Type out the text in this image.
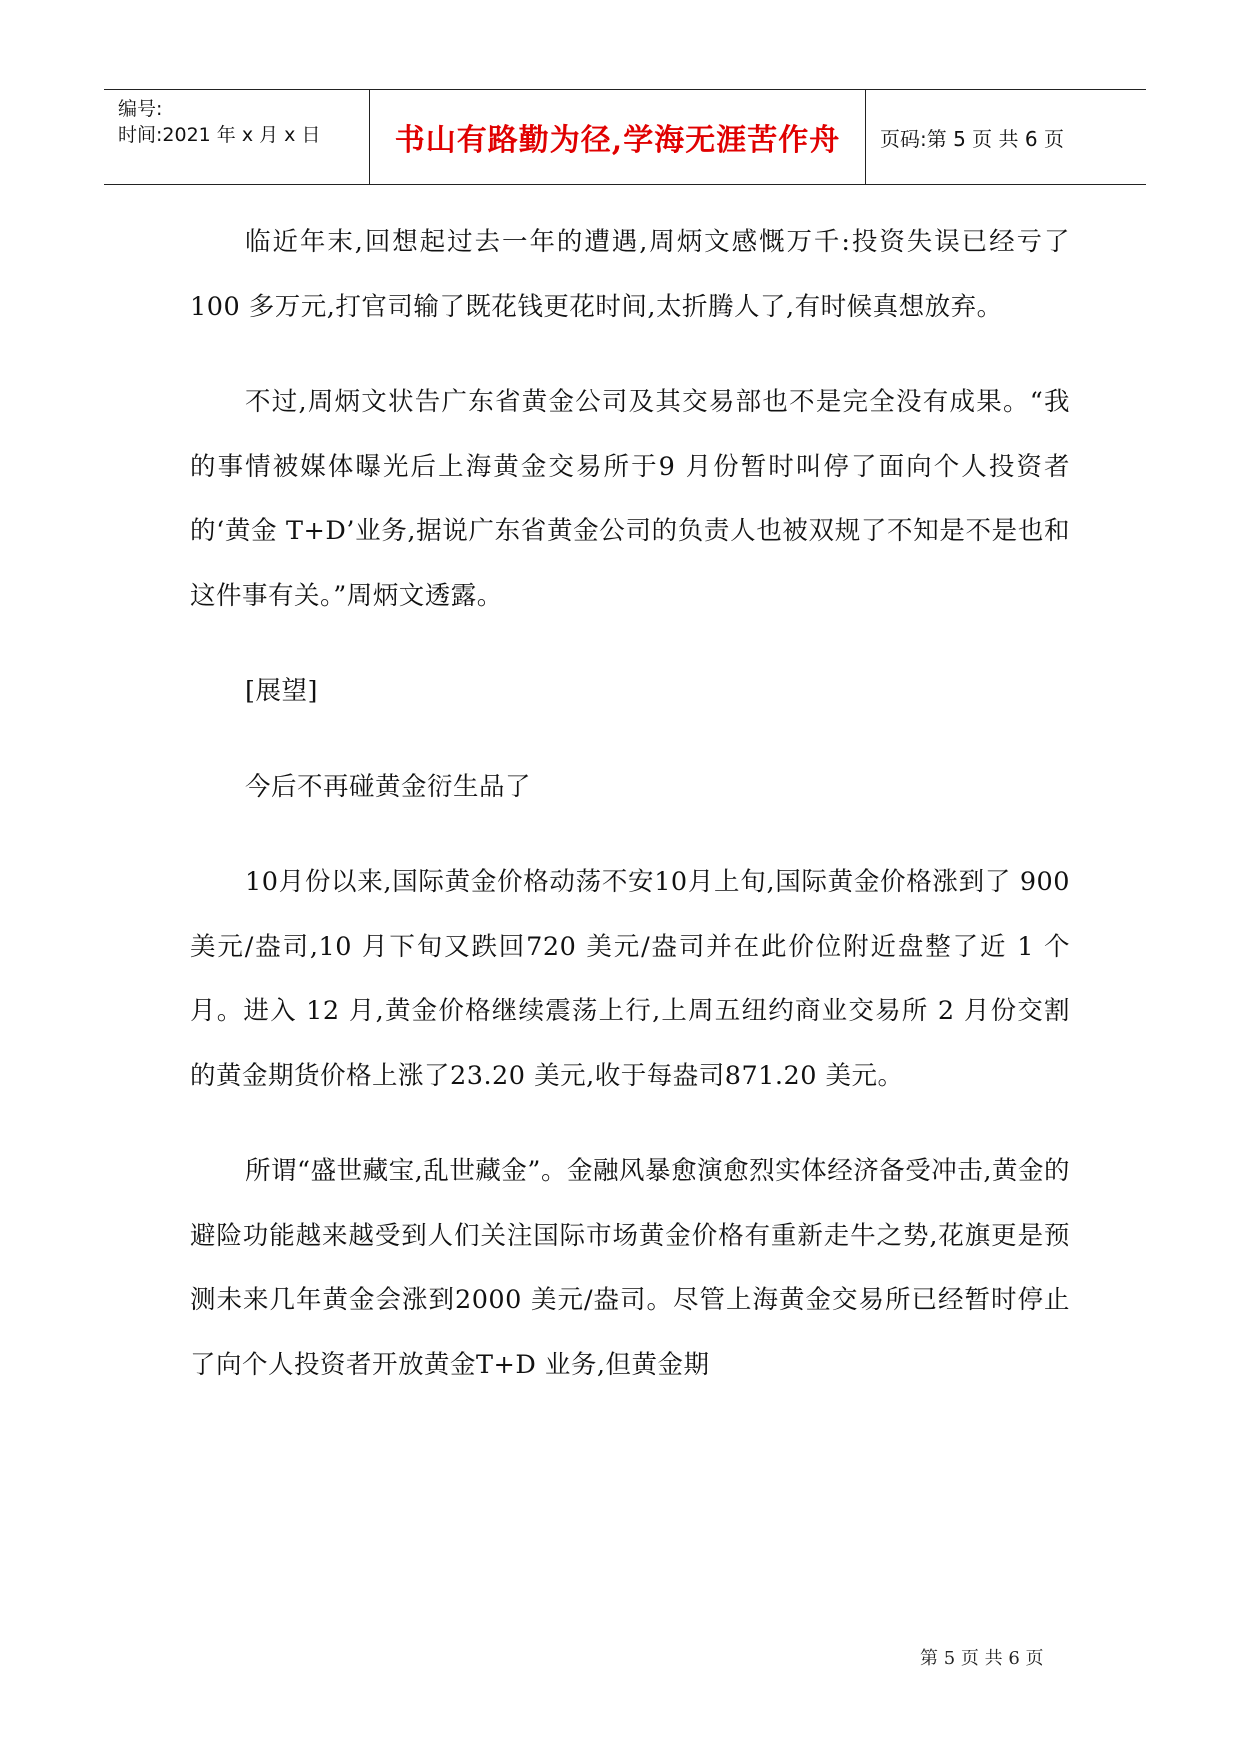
编号:
时间:2021 年 x 月 x 日 书山有路勤为径,学海无涯苦作舟 页码:第 5 页 共 6 页

临近年末,回想起过去一年的遭遇,周炳文感慨万千:投资失误已经亏了 100 多万元,打官司输了既花钱更花时间,太折腾人了,有时候真想放弃。

不过,周炳文状告广东省黄金公司及其交易部也不是完全没有成果。“我的事情被媒体曝光后上海黄金交易所于9 月份暂时叫停了面向个人投资者的‘黄金 T+D’业务,据说广东省黄金公司的负责人也被双规了不知是不是也和这件事有关。”周炳文透露。

[展望]

今后不再碰黄金衍生品了

10月份以来,国际黄金价格动荡不安10月上旬,国际黄金价格涨到了 900 美元/盎司,10 月下旬又跌回720 美元/盎司并在此价位附近盘整了近 1 个月。进入 12 月,黄金价格继续震荡上行,上周五纽约商业交易所 2 月份交割的黄金期货价格上涨了23.20 美元,收于每盎司871.20 美元。

所谓“盛世藏宝,乱世藏金”。金融风暴愈演愈烈实体经济备受冲击,黄金的避险功能越来越受到人们关注国际市场黄金价格有重新走牛之势,花旗更是预测未来几年黄金会涨到2000 美元/盎司。尽管上海黄金交易所已经暂时停止了向个人投资者开放黄金T+D 业务,但黄金期

第 5 页 共 6 页
